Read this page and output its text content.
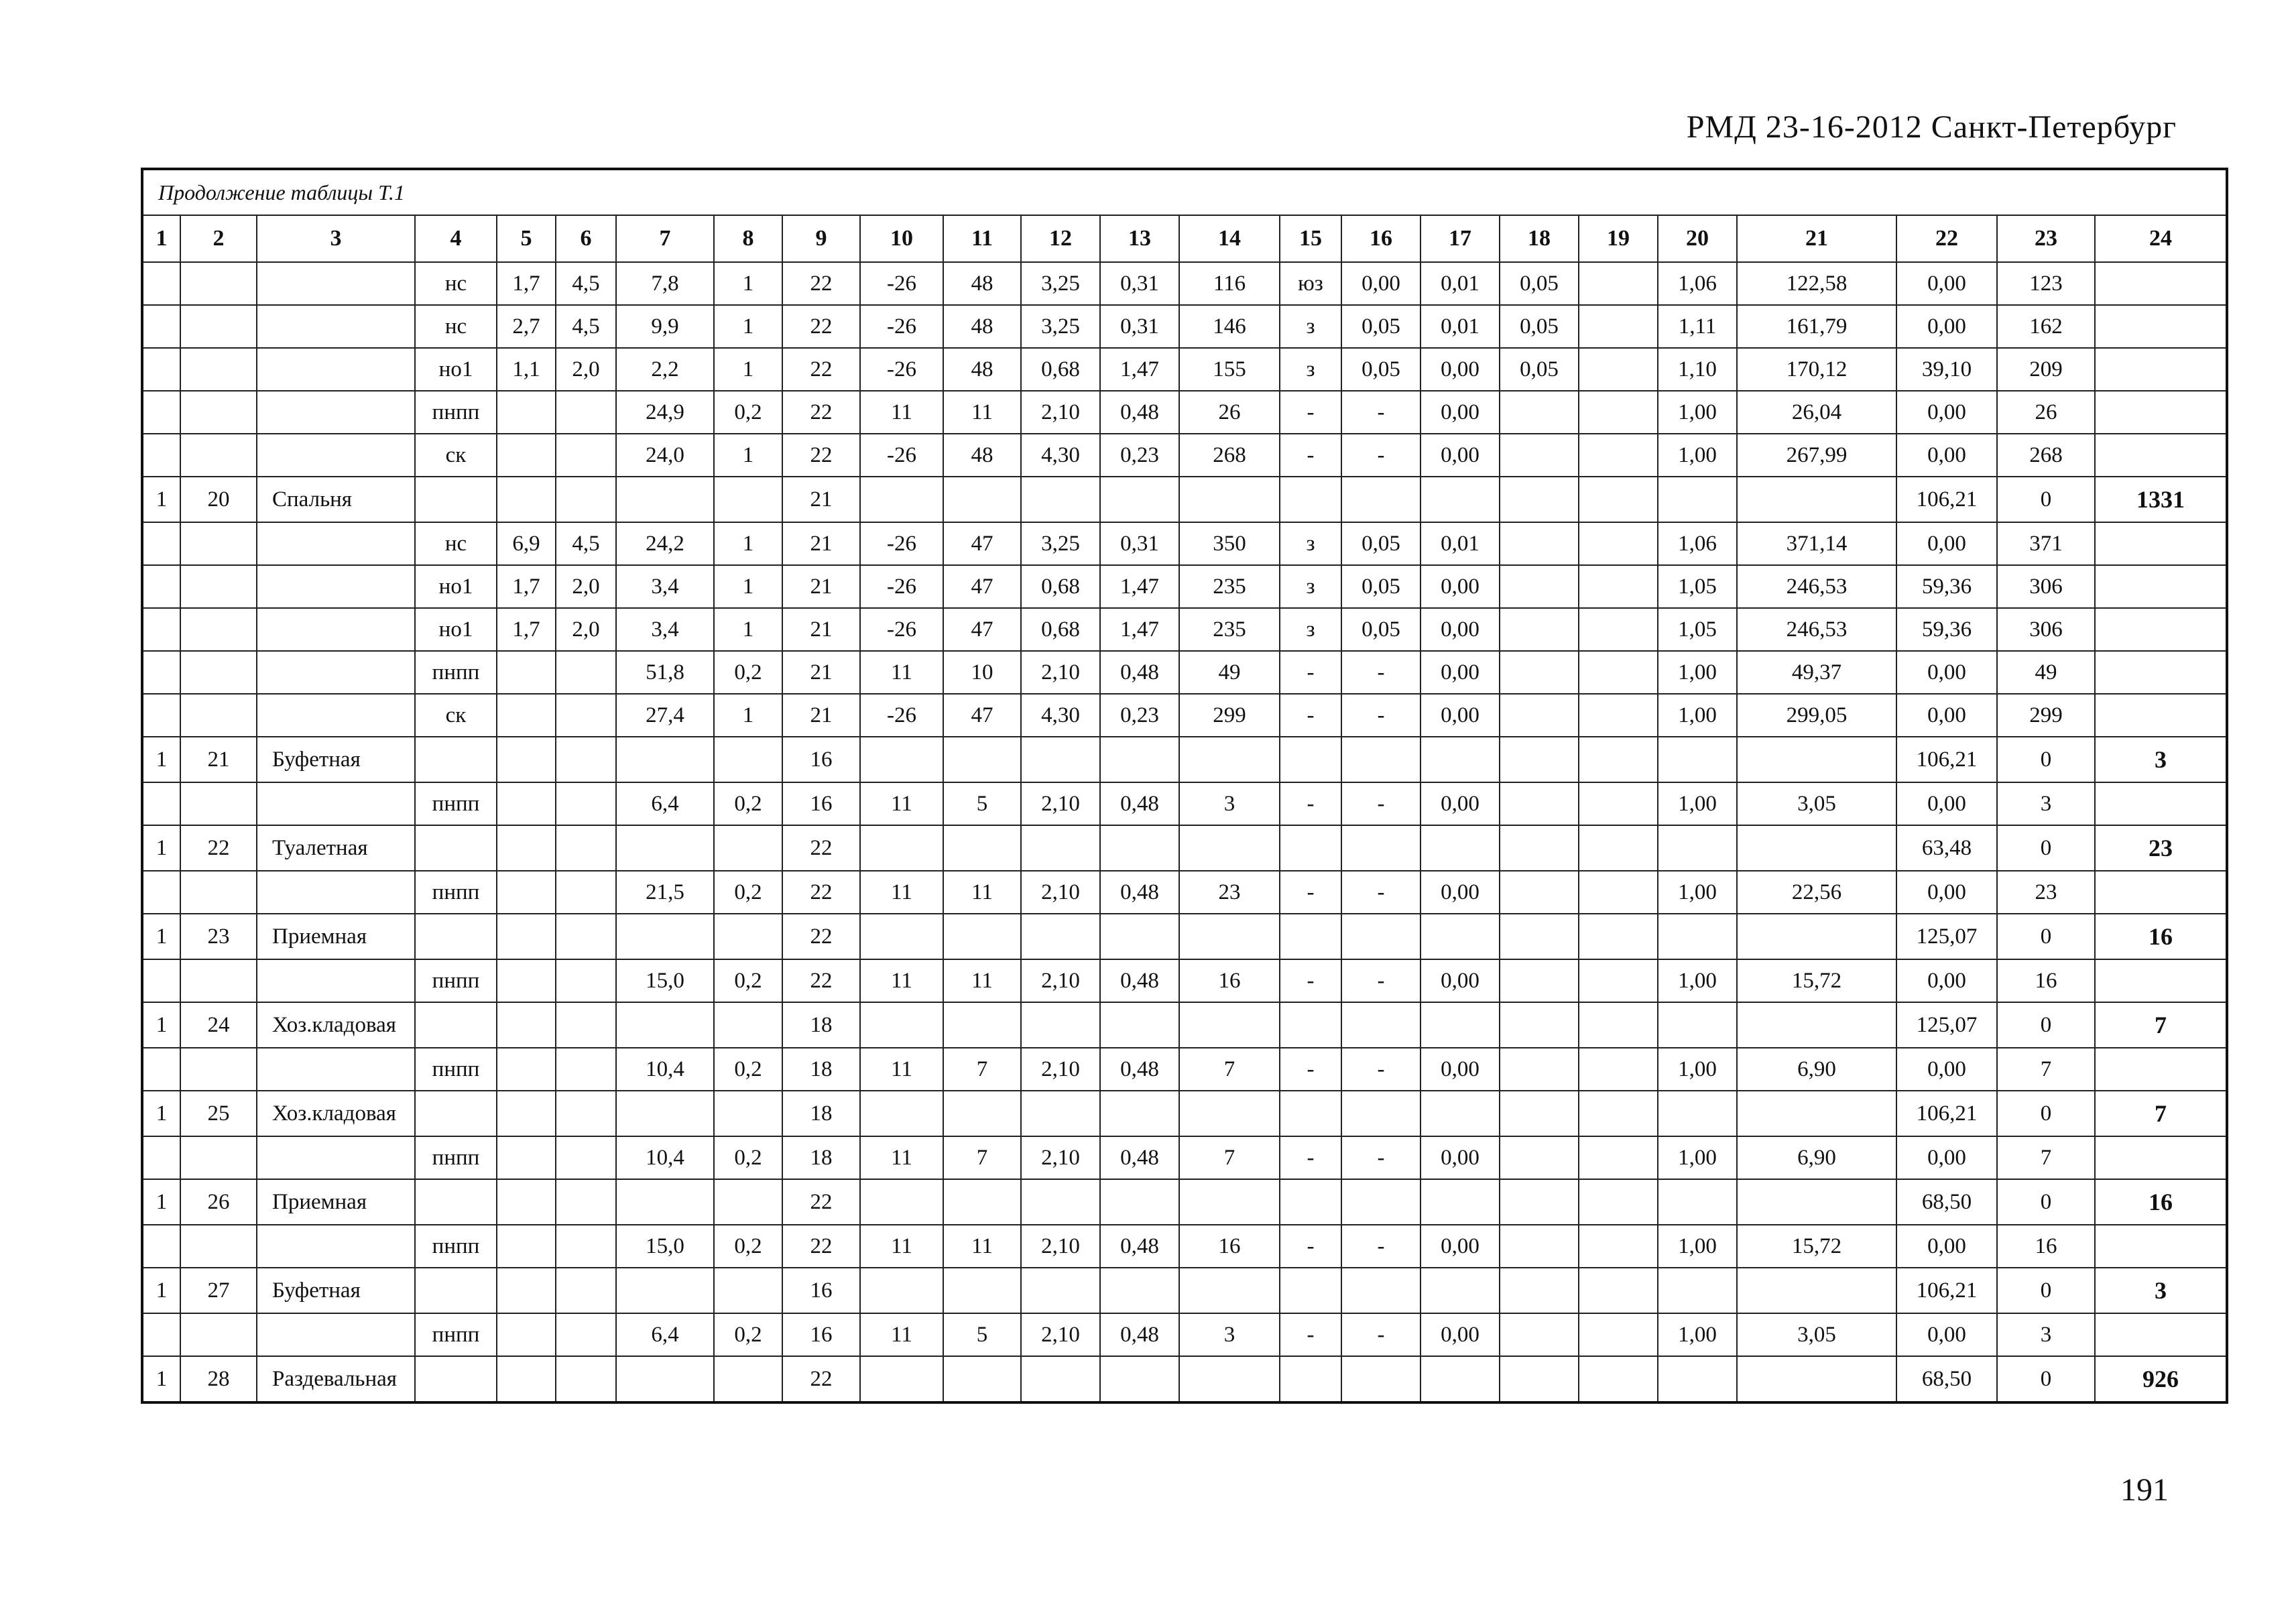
РМД 23-16-2012 Санкт-Петербург
Продолжение таблицы Т.1																							
1	2	3	4	5	6	7	8	9	10	11	12	13	14	15	16	17	18	19	20	21	22	23	24
			нс	1,7	4,5	7,8	1	22	-26	48	3,25	0,31	116	юз	0,00	0,01	0,05		1,06	122,58	0,00	123	
			нс	2,7	4,5	9,9	1	22	-26	48	3,25	0,31	146	з	0,05	0,01	0,05		1,11	161,79	0,00	162	
			но1	1,1	2,0	2,2	1	22	-26	48	0,68	1,47	155	з	0,05	0,00	0,05		1,10	170,12	39,10	209	
			пнпп			24,9	0,2	22	11	11	2,10	0,48	26	-	-	0,00			1,00	26,04	0,00	26	
			ск			24,0	1	22	-26	48	4,30	0,23	268	-	-	0,00			1,00	267,99	0,00	268	
1	20	Спальня						21													106,21	0	1331
			нс	6,9	4,5	24,2	1	21	-26	47	3,25	0,31	350	з	0,05	0,01			1,06	371,14	0,00	371	
			но1	1,7	2,0	3,4	1	21	-26	47	0,68	1,47	235	з	0,05	0,00			1,05	246,53	59,36	306	
			но1	1,7	2,0	3,4	1	21	-26	47	0,68	1,47	235	з	0,05	0,00			1,05	246,53	59,36	306	
			пнпп			51,8	0,2	21	11	10	2,10	0,48	49	-	-	0,00			1,00	49,37	0,00	49	
			ск			27,4	1	21	-26	47	4,30	0,23	299	-	-	0,00			1,00	299,05	0,00	299	
1	21	Буфетная						16													106,21	0	3
			пнпп			6,4	0,2	16	11	5	2,10	0,48	3	-	-	0,00			1,00	3,05	0,00	3	
1	22	Туалетная						22													63,48	0	23
			пнпп			21,5	0,2	22	11	11	2,10	0,48	23	-	-	0,00			1,00	22,56	0,00	23	
1	23	Приемная						22													125,07	0	16
			пнпп			15,0	0,2	22	11	11	2,10	0,48	16	-	-	0,00			1,00	15,72	0,00	16	
1	24	Хоз.кладовая						18													125,07	0	7
			пнпп			10,4	0,2	18	11	7	2,10	0,48	7	-	-	0,00			1,00	6,90	0,00	7	
1	25	Хоз.кладовая						18													106,21	0	7
			пнпп			10,4	0,2	18	11	7	2,10	0,48	7	-	-	0,00			1,00	6,90	0,00	7	
1	26	Приемная						22													68,50	0	16
			пнпп			15,0	0,2	22	11	11	2,10	0,48	16	-	-	0,00			1,00	15,72	0,00	16	
1	27	Буфетная						16													106,21	0	3
			пнпп			6,4	0,2	16	11	5	2,10	0,48	3	-	-	0,00			1,00	3,05	0,00	3	
1	28	Раздевальная						22													68,50	0	926
191
